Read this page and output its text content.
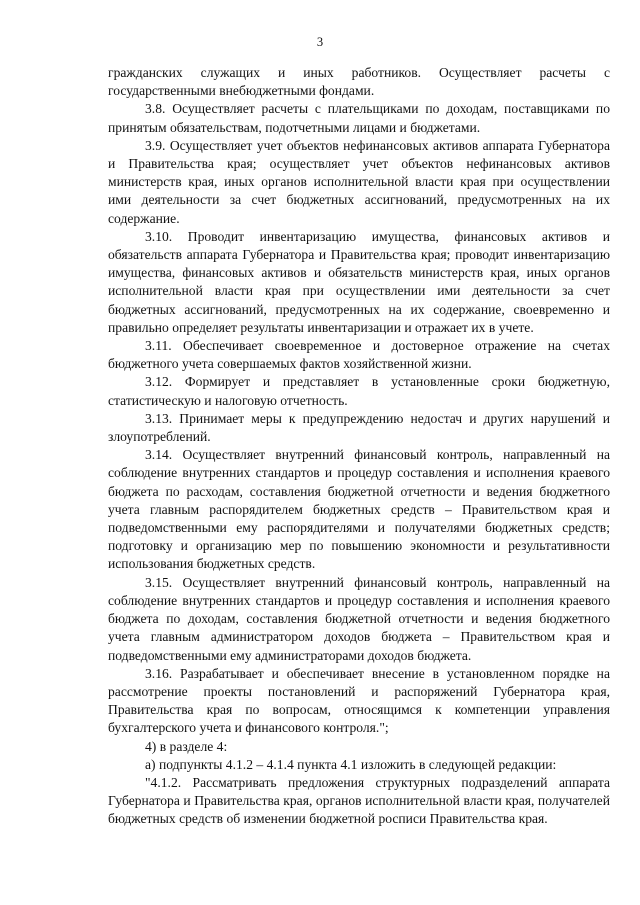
3

гражданских служащих и иных работников. Осуществляет расчеты с государственными внебюджетными фондами.

3.8. Осуществляет расчеты с плательщиками по доходам, поставщиками по принятым обязательствам, подотчетными лицами и бюджетами.

3.9. Осуществляет учет объектов нефинансовых активов аппарата Губернатора и Правительства края; осуществляет учет объектов нефинансовых активов министерств края, иных органов исполнительной власти края при осуществлении ими деятельности за счет бюджетных ассигнований, предусмотренных на их содержание.

3.10. Проводит инвентаризацию имущества, финансовых активов и обязательств аппарата Губернатора и Правительства края; проводит инвентаризацию имущества, финансовых активов и обязательств министерств края, иных органов исполнительной власти края при осуществлении ими деятельности за счет бюджетных ассигнований, предусмотренных на их содержание, своевременно и правильно определяет результаты инвентаризации и отражает их в учете.

3.11. Обеспечивает своевременное и достоверное отражение на счетах бюджетного учета совершаемых фактов хозяйственной жизни.

3.12. Формирует и представляет в установленные сроки бюджетную, статистическую и налоговую отчетность.

3.13. Принимает меры к предупреждению недостач и других нарушений и злоупотреблений.

3.14. Осуществляет внутренний финансовый контроль, направленный на соблюдение внутренних стандартов и процедур составления и исполнения краевого бюджета по расходам, составления бюджетной отчетности и ведения бюджетного учета главным распорядителем бюджетных средств – Правительством края и подведомственными ему распорядителями и получателями бюджетных средств; подготовку и организацию мер по повышению экономности и результативности использования бюджетных средств.

3.15. Осуществляет внутренний финансовый контроль, направленный на соблюдение внутренних стандартов и процедур составления и исполнения краевого бюджета по доходам, составления бюджетной отчетности и ведения бюджетного учета главным администратором доходов бюджета – Правительством края и подведомственными ему администраторами доходов бюджета.

3.16. Разрабатывает и обеспечивает внесение в установленном порядке на рассмотрение проекты постановлений и распоряжений Губернатора края, Правительства края по вопросам, относящимся к компетенции управления бухгалтерского учета и финансового контроля.";

4) в разделе 4:

а) подпункты 4.1.2 – 4.1.4 пункта 4.1 изложить в следующей редакции:

"4.1.2. Рассматривать предложения структурных подразделений аппарата Губернатора и Правительства края, органов исполнительной власти края, получателей бюджетных средств об изменении бюджетной росписи Правительства края.
